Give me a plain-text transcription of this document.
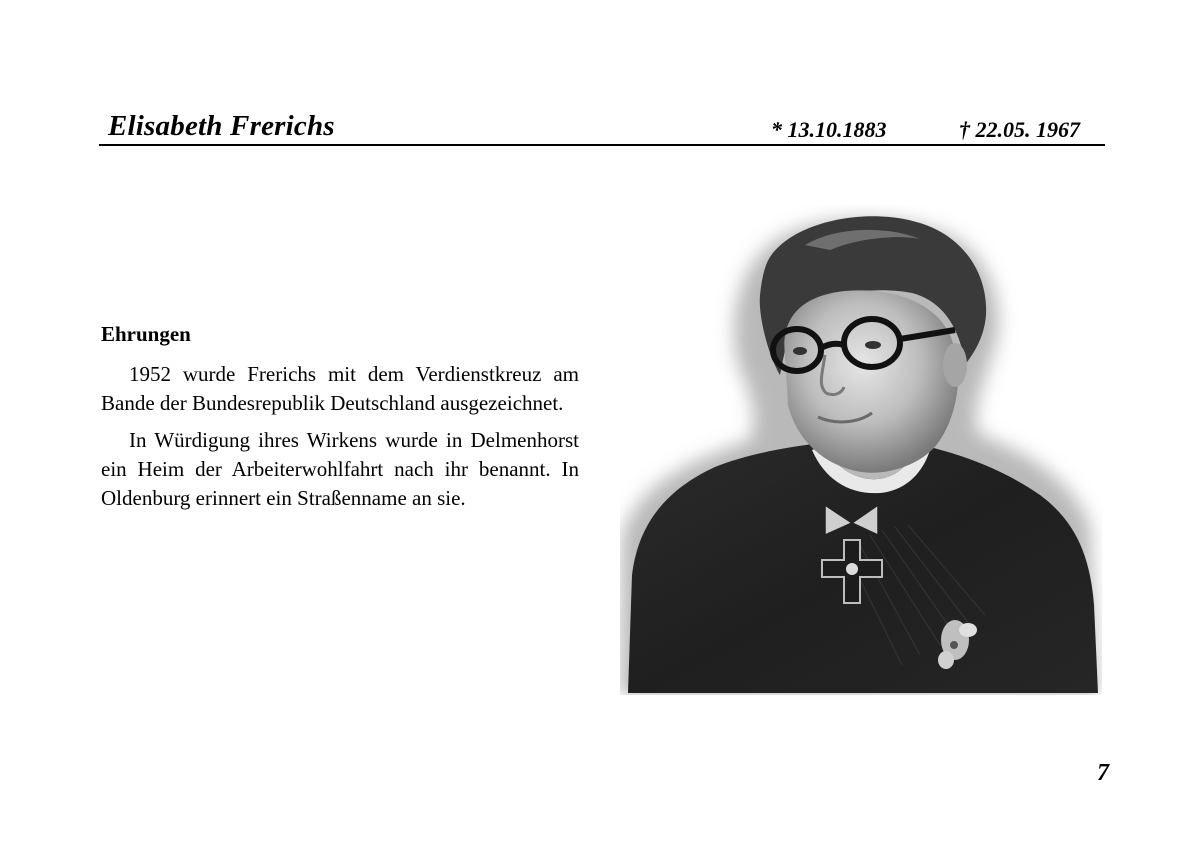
Elisabeth Frerichs	* 13.10.1883	† 22.05. 1967
Ehrungen

1952 wurde Frerichs mit dem Verdienstkreuz am Bande der Bundesrepublik Deutschland ausgezeichnet.

In Würdigung ihres Wirkens wurde in Delmenhorst ein Heim der Arbeiterwohlfahrt nach ihr benannt. In Oldenburg erinnert ein Straßenname an sie.

7
